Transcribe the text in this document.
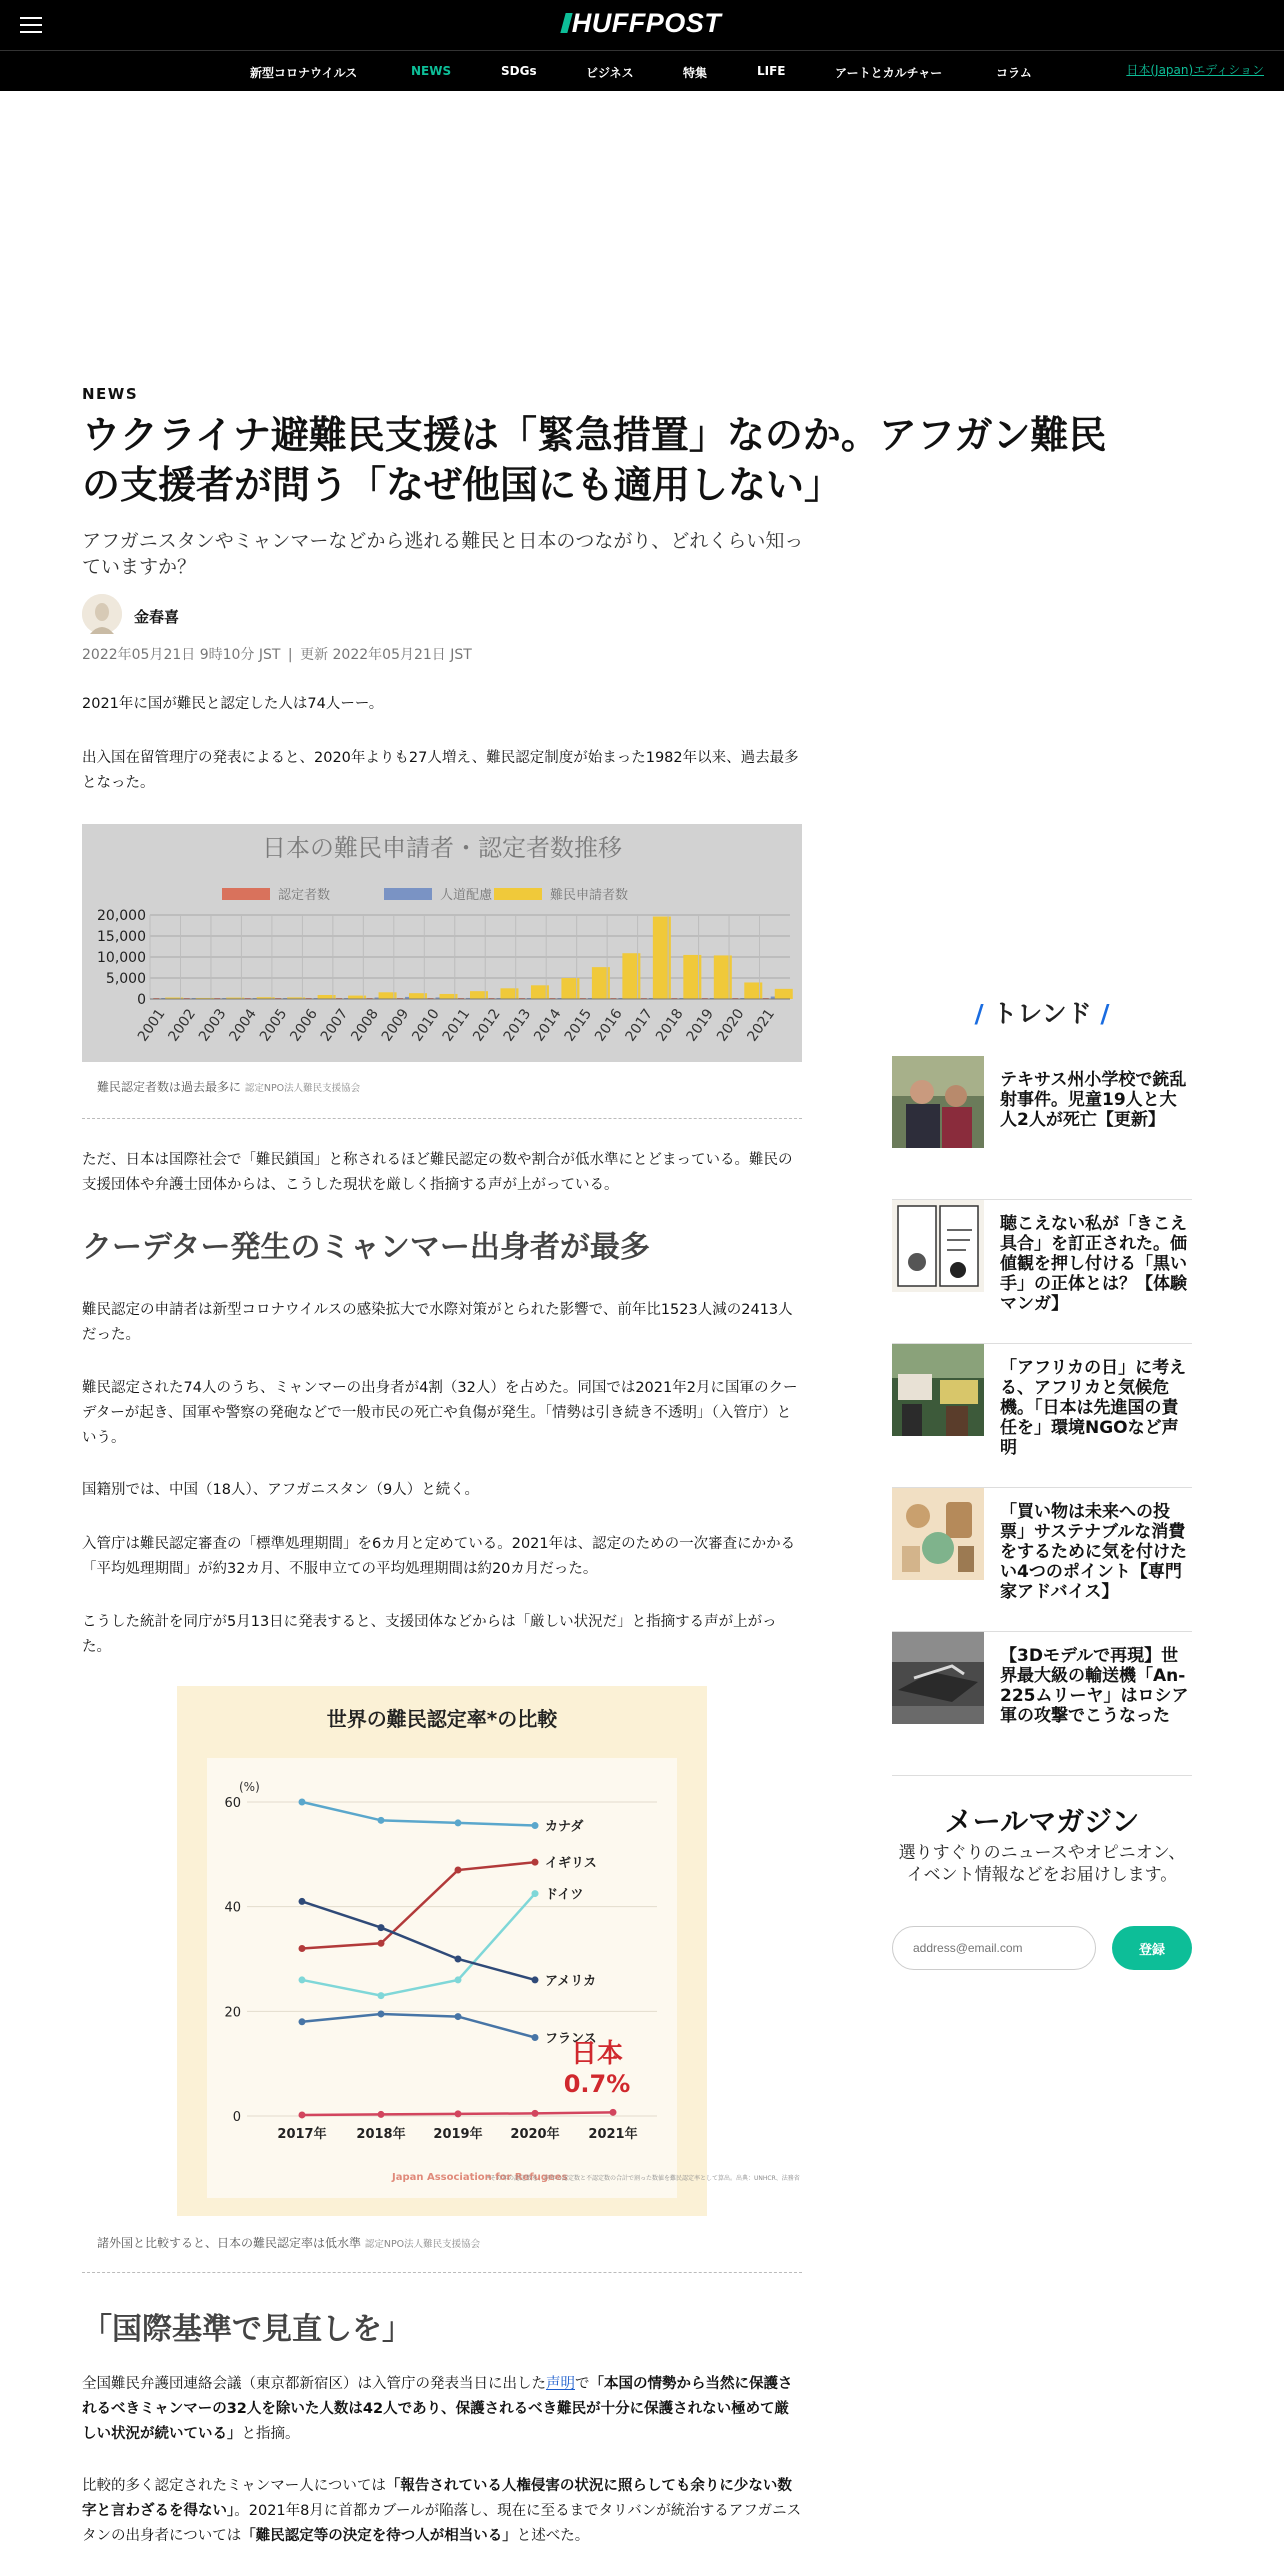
HUFFPOST
新型コロナウイルス	NEWS	SDGs	ビジネス	特集	LIFE	アートとカルチャー	コラム	日本(Japan)エディション
NEWS
ウクライナ避難民支援は「緊急措置」なのか。アフガン難民の支援者が問う「なぜ他国にも適用しない」

アフガニスタンやミャンマーなどから逃れる難民と日本のつながり、どれくらい知っていますか？

金春喜
2022年05月21日 9時10分 JST | 更新 2022年05月21日 JST

2021年に国が難民と認定した人は74人ーー。

出入国在留管理庁の発表によると、2020年よりも27人増え、難民認定制度が始まった1982年以来、過去最多となった。

日本の難民申請者・認定者数推移
認定者数	人道配慮	難民申請者数
0
5,000
10,000
15,000
20,000
2001
2002
2003
2004
2005
2006
2007
2008
2009
2010
2011
2012
2013
2014
2015
2016
2017
2018
2019
2020
2021
難民認定者数は過去最多に 認定NPO法人難民支援協会

ただ、日本は国際社会で「難民鎖国」と称されるほど難民認定の数や割合が低水準にとどまっている。難民の支援団体や弁護士団体からは、こうした現状を厳しく指摘する声が上がっている。

クーデター発生のミャンマー出身者が最多

難民認定の申請者は新型コロナウイルスの感染拡大で水際対策がとられた影響で、前年比1523人減の2413人だった。

難民認定された74人のうち、ミャンマーの出身者が4割（32人）を占めた。同国では2021年2月に国軍のクーデターが起き、国軍や警察の発砲などで一般市民の死亡や負傷が発生。「情勢は引き続き不透明」（入管庁）という。

国籍別では、中国（18人）、アフガニスタン（9人）と続く。

入管庁は難民認定審査の「標準処理期間」を6カ月と定めている。2021年は、認定のための一次審査にかかる「平均処理期間」が約32カ月、不服申立ての平均処理期間は約20カ月だった。

こうした統計を同庁が5月13日に発表すると、支援団体などからは「厳しい状況だ」と指摘する声が上がった。

世界の難民認定率*の比較
(%)
0
20
40
60
2017年 2018年 2019年 2020年 2021年
カナダ
イギリス
ドイツ
アメリカ
フランス
日本
0.7%
Japan Association for Refugees
*その年の認定数を、同年の認定数と不認定数の合計で割った数値を難民認定率として算出。出典：UNHCR、法務省
諸外国と比較すると、日本の難民認定率は低水準 認定NPO法人難民支援協会
「国際基準で見直しを」

全国難民弁護団連絡会議（東京都新宿区）は入管庁の発表当日に出した声明で「本国の情勢から当然に保護されるべきミャンマーの32人を除いた人数は42人であり、保護されるべき難民が十分に保護されない極めて厳しい状況が続いている」と指摘。

比較的多く認定されたミャンマー人については「報告されている人権侵害の状況に照らしても余りに少ない数字と言わざるを得ない」。2021年8月に首都カブールが陥落し、現在に至るまでタリバンが統治するアフガニスタンの出身者については「難民認定等の決定を待つ人が相当いる」と述べた。

/ トレンド /
テキサス州小学校で銃乱射事件。児童19人と大人2人が死亡【更新】
聴こえない私が「きこえ具合」を訂正された。価値観を押し付ける「黒い手」の正体とは？【体験マンガ】
「アフリカの日」に考える、アフリカと気候危機。「日本は先進国の責任を」環境NGOなど声明
「買い物は未来への投票」サステナブルな消費をするために気を付けたい4つのポイント【専門家アドバイス】
【3Dモデルで再現】世界最大級の輸送機「An-225ムリーヤ」はロシア軍の攻撃でこうなった
メールマガジン
選りすぐりのニュースやオピニオン、イベント情報などをお届けします。
address@email.com
登録
